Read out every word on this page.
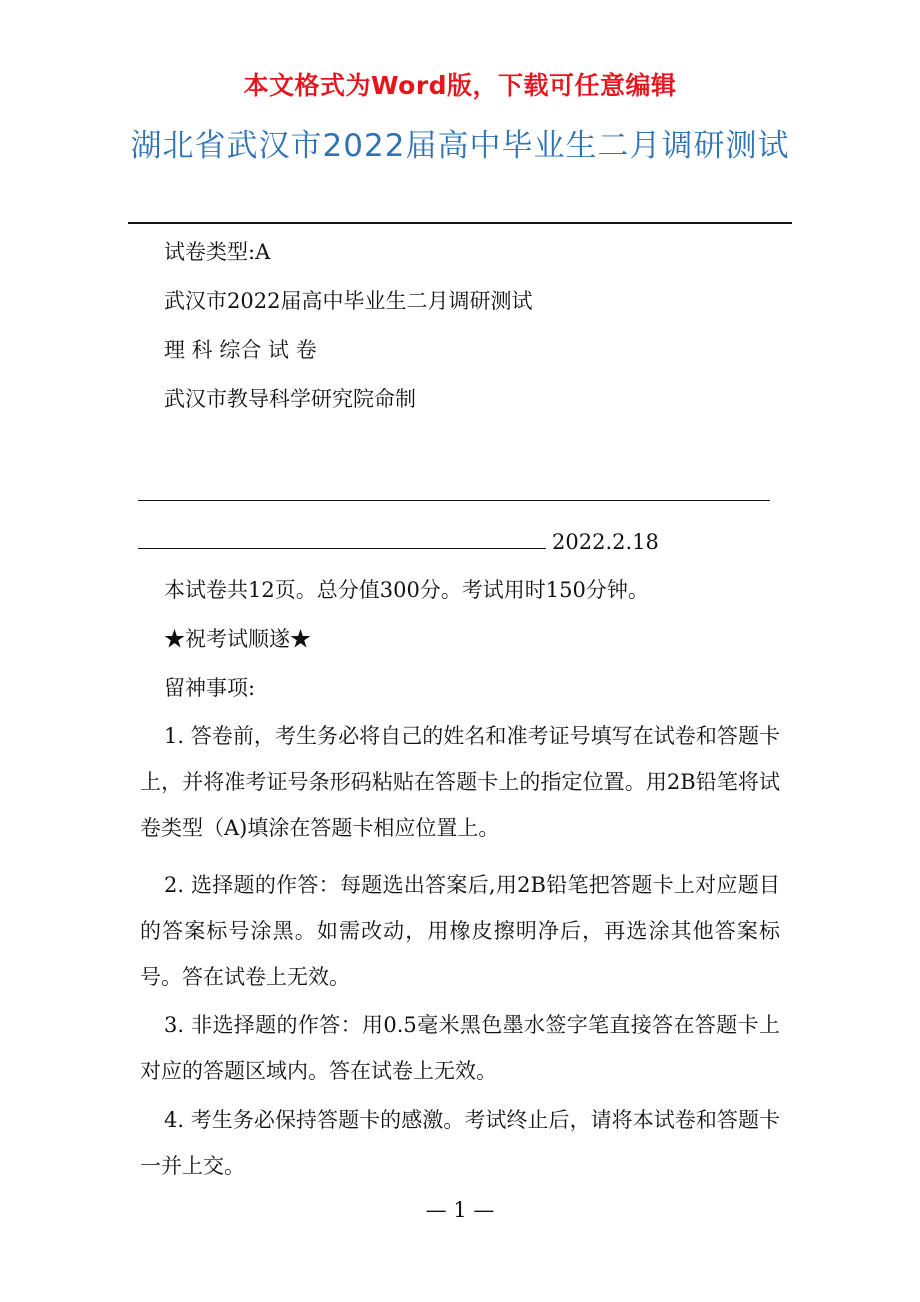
本文格式为Word版，下载可任意编辑
湖北省武汉市2022届高中毕业生二月调研测试
试卷类型:A
武汉市2022届高中毕业生二月调研测试
理 科 综合 试 卷
武汉市教导科学研究院命制
2022.2.18
本试卷共12页。总分值300分。考试用时150分钟。
★祝考试顺遂★
留神事项:
1. 答卷前，考生务必将自己的姓名和准考证号填写在试卷和答题卡上，并将准考证号条形码粘贴在答题卡上的指定位置。用2B铅笔将试卷类型（A)填涂在答题卡相应位置上。
2. 选择题的作答：每题选出答案后,用2B铅笔把答题卡上对应题目的答案标号涂黑。如需改动，用橡皮擦明净后，再选涂其他答案标号。答在试卷上无效。
3. 非选择题的作答：用0.5毫米黑色墨水签字笔直接答在答题卡上对应的答题区域内。答在试卷上无效。
4. 考生务必保持答题卡的感激。考试终止后，请将本试卷和答题卡一并上交。
— 1 —
